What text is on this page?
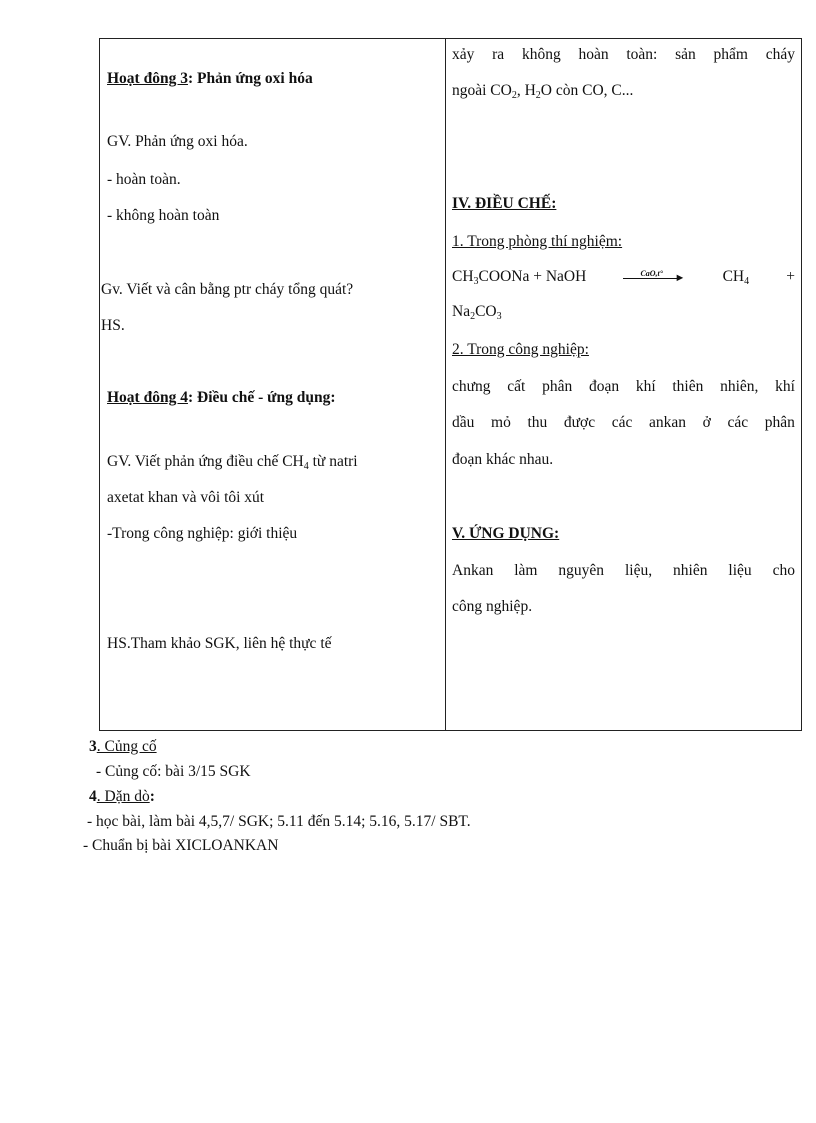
Hoạt đông 3: Phản ứng oxi hóa
GV. Phản ứng oxi hóa.
- hoàn toàn.
- không hoàn toàn
Gv. Viết và cân bằng ptr cháy tổng quát?
HS.
Hoạt đông 4: Điều chế - ứng dụng:
GV. Viết phản ứng điều chế $CH_4$ từ natri
axetat khan và vôi tôi xút
-Trong công nghiệp: giới thiệu
HS.Tham khảo SGK, liên hệ thực tế
xảy ra không hoàn toàn: sản phẩm cháy
ngoài $CO_2$, $H_2O$ còn CO, C...
IV. ĐIỀU CHẾ:
1. Trong phòng thí nghiệm:
$CH_3COONa$ + NaOH	CaO,t° ► $CH_4$ +
$Na_2CO_3$
2. Trong công nghiệp:
chưng cất phân đoạn khí thiên nhiên, khí
dầu mỏ thu được các ankan ở các phân
đoạn khác nhau.
V. ỨNG DỤNG:
Ankan làm nguyên liệu, nhiên liệu cho
công nghiệp.
3. Củng cố
- Củng cố: bài 3/15 SGK
4. Dặn dò:
- học bài, làm bài 4,5,7/ SGK; 5.11 đến 5.14; 5.16, 5.17/ SBT.
- Chuẩn bị bài XICLOANKAN
